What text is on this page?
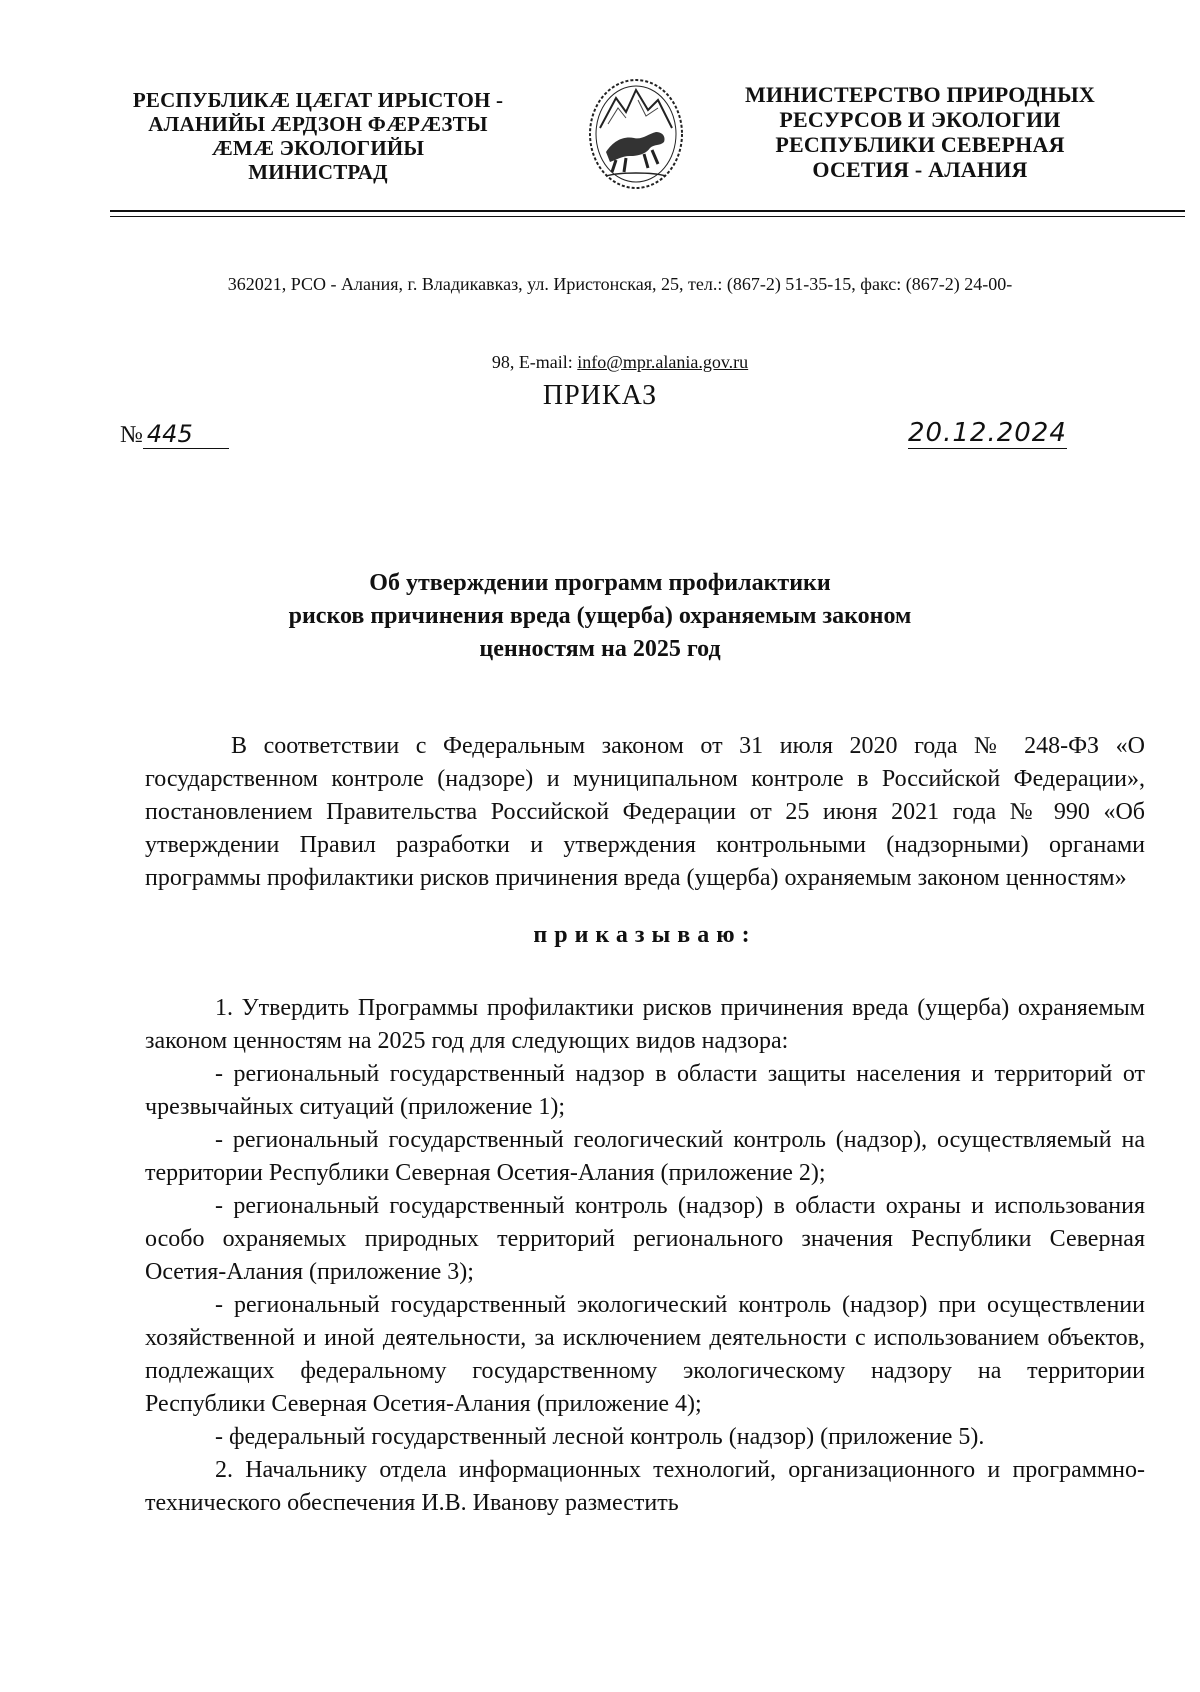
РЕСПУБЛИКӔ ЦӔГАТ ИРЫСТОН -
АЛАНИЙЫ ӔРДЗОН ФӔРӔЗТЫ
ӔМӔ ЭКОЛОГИЙЫ
МИНИСТРАД
МИНИСТЕРСТВО ПРИРОДНЫХ
РЕСУРСОВ И ЭКОЛОГИИ
РЕСПУБЛИКИ СЕВЕРНАЯ
ОСЕТИЯ - АЛАНИЯ

362021, РСО - Алания, г. Владикавказ, ул. Иристонская, 25, тел.: (867-2) 51-35-15, факс: (867-2) 24-00-

98, E-mail: info@mpr.alania.gov.ru

ПРИКАЗ
№ 445	20.12.2024
Об утверждении программ профилактики
рисков причинения вреда (ущерба) охраняемым законом
ценностям на 2025 год

В соответствии с Федеральным законом от 31 июля 2020 года № 248-ФЗ «О государственном контроле (надзоре) и муниципальном контроле в Российской Федерации», постановлением Правительства Российской Федерации от 25 июня 2021 года № 990 «Об утверждении Правил разработки и утверждения контрольными (надзорными) органами программы профилактики рисков причинения вреда (ущерба) охраняемым законом ценностям»

приказываю:

1. Утвердить Программы профилактики рисков причинения вреда (ущерба) охраняемым законом ценностям на 2025 год для следующих видов надзора:

- региональный государственный надзор в области защиты населения и территорий от чрезвычайных ситуаций (приложение 1);

- региональный государственный геологический контроль (надзор), осуществляемый на территории Республики Северная Осетия-Алания (приложение 2);

- региональный государственный контроль (надзор) в области охраны и использования особо охраняемых природных территорий регионального значения Республики Северная Осетия-Алания (приложение 3);

- региональный государственный экологический контроль (надзор) при осуществлении хозяйственной и иной деятельности, за исключением деятельности с использованием объектов, подлежащих федеральному государственному экологическому надзору на территории Республики Северная Осетия-Алания (приложение 4);

- федеральный государственный лесной контроль (надзор) (приложение 5).

2. Начальнику отдела информационных технологий, организационного и программно-технического обеспечения И.В. Иванову разместить
